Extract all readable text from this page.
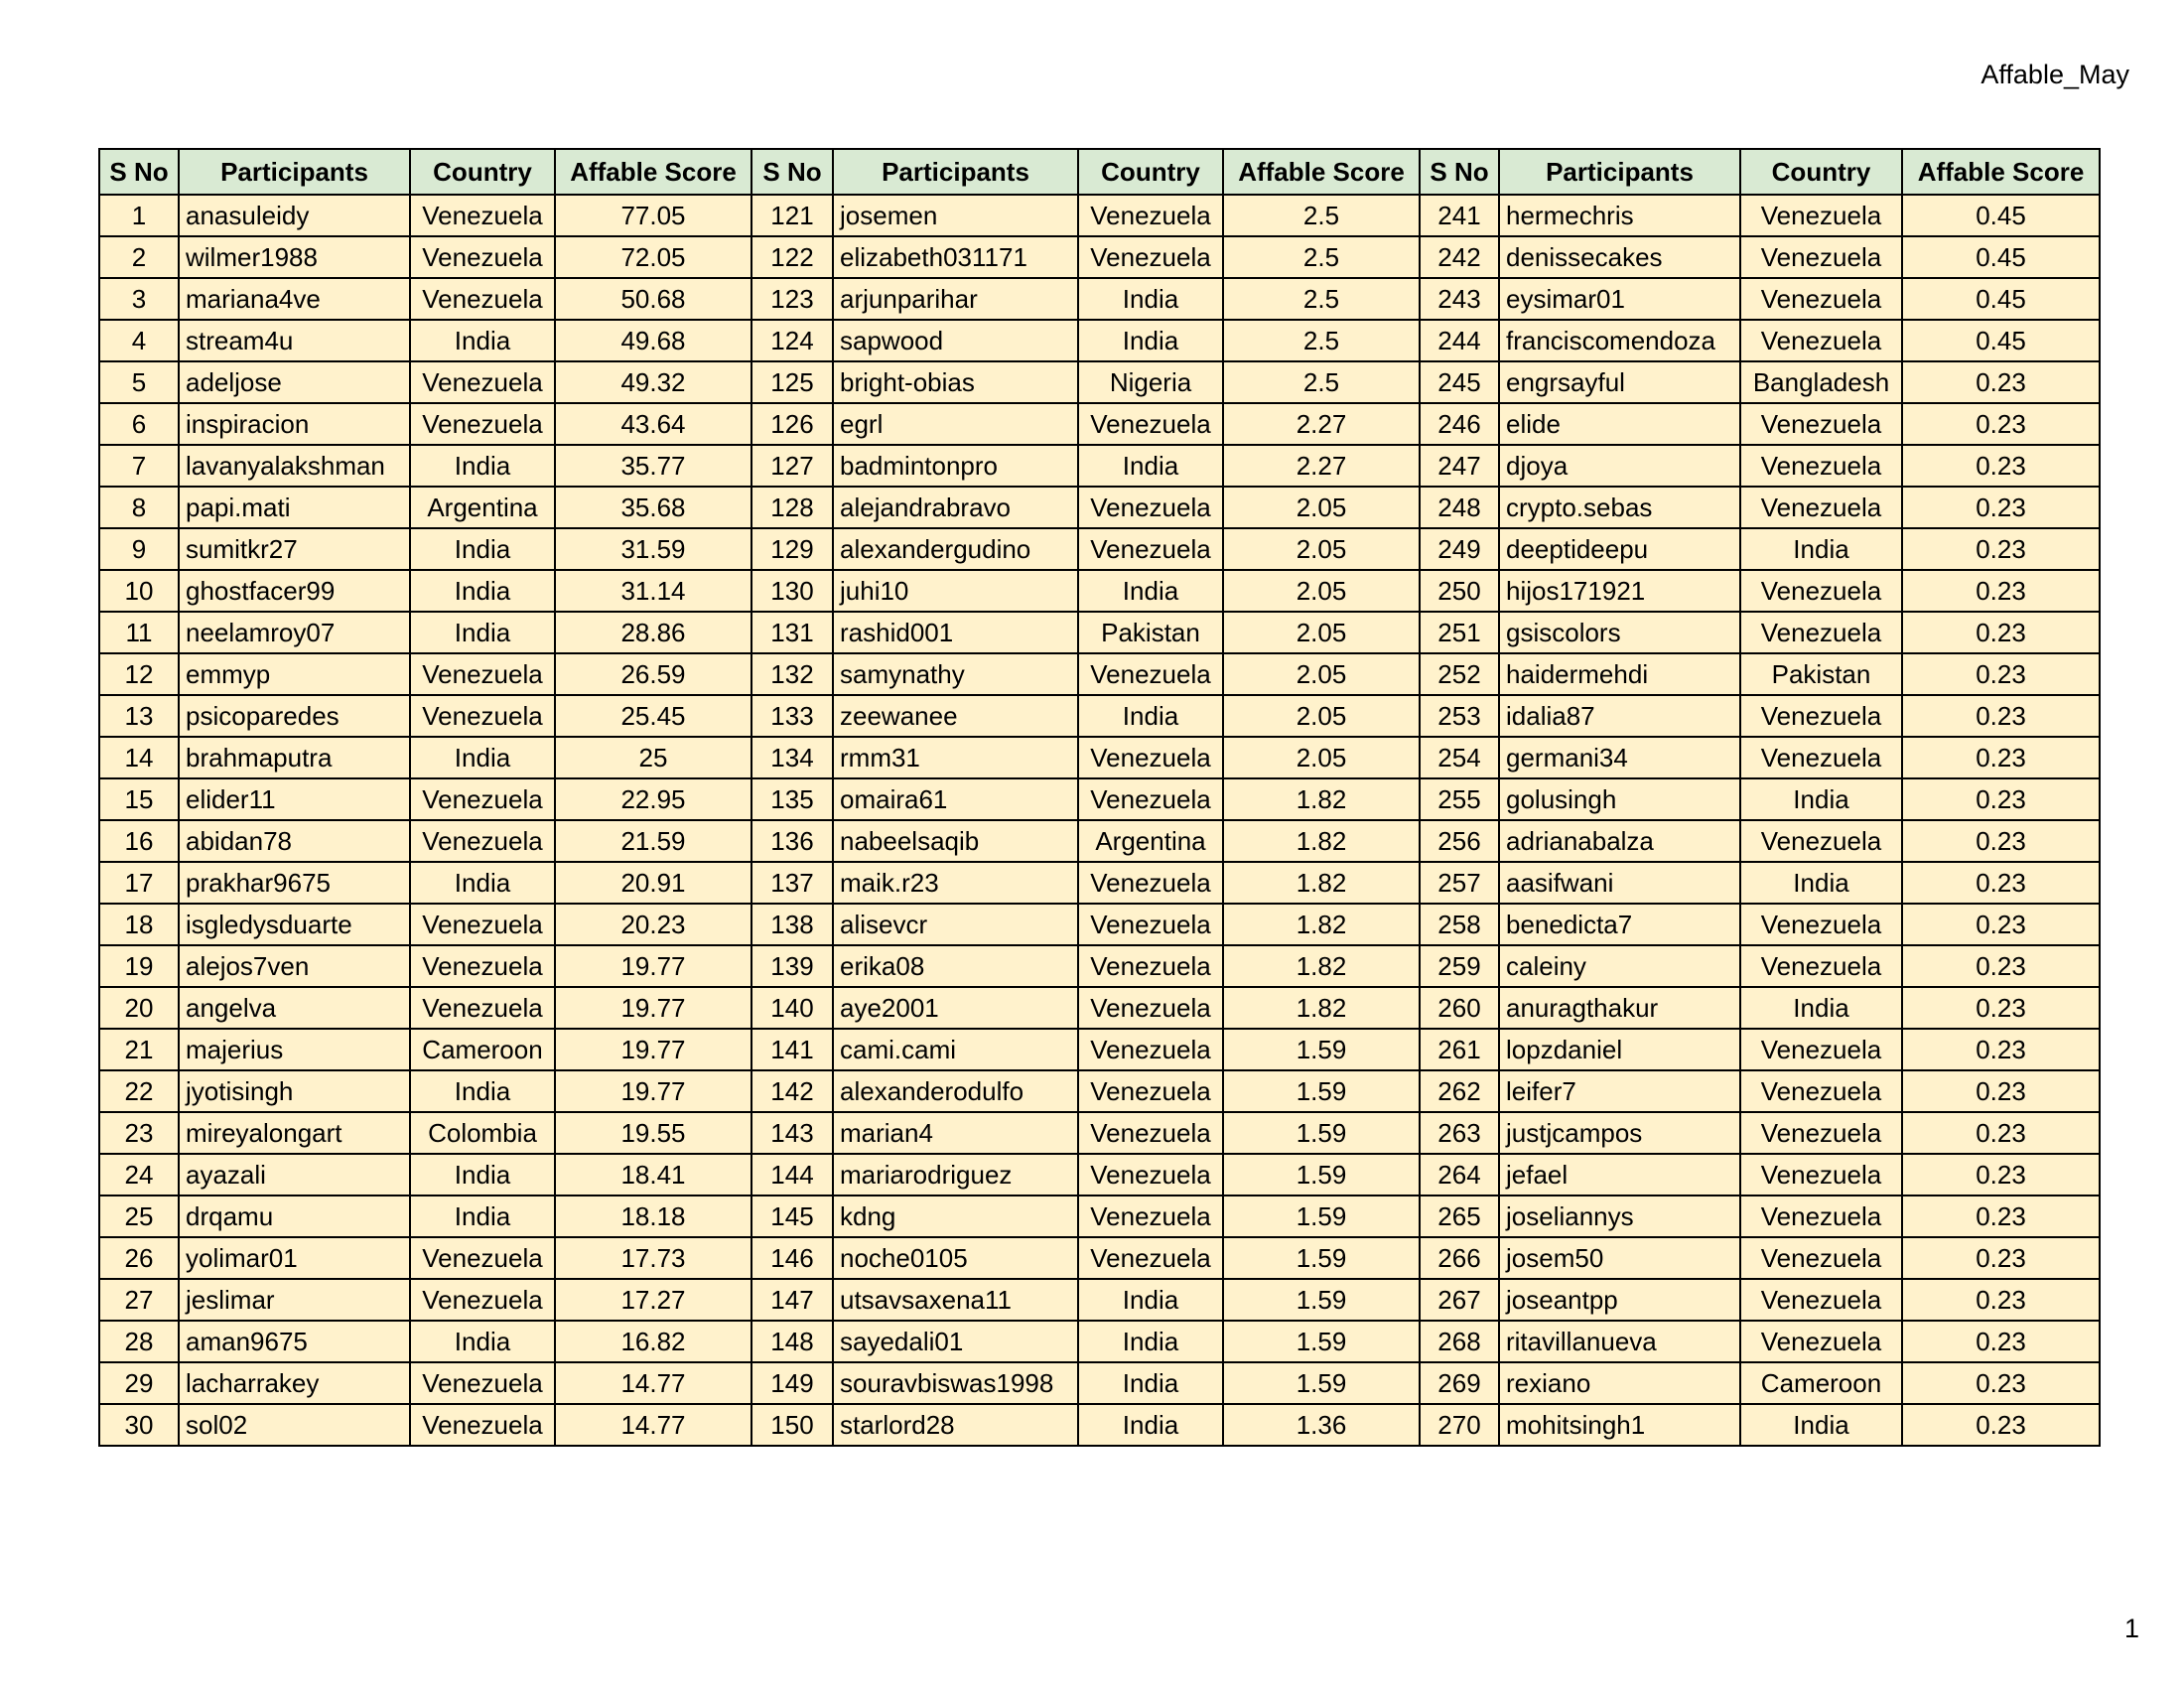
Affable_May
S No	Participants	Country	Affable Score	S No	Participants	Country	Affable Score	S No	Participants	Country	Affable Score
1	anasuleidy	Venezuela	77.05	121	josemen	Venezuela	2.5	241	hermechris	Venezuela	0.45
2	wilmer1988	Venezuela	72.05	122	elizabeth031171	Venezuela	2.5	242	denissecakes	Venezuela	0.45
3	mariana4ve	Venezuela	50.68	123	arjunparihar	India	2.5	243	eysimar01	Venezuela	0.45
4	stream4u	India	49.68	124	sapwood	India	2.5	244	franciscomendoza	Venezuela	0.45
5	adeljose	Venezuela	49.32	125	bright-obias	Nigeria	2.5	245	engrsayful	Bangladesh	0.23
6	inspiracion	Venezuela	43.64	126	egrl	Venezuela	2.27	246	elide	Venezuela	0.23
7	lavanyalakshman	India	35.77	127	badmintonpro	India	2.27	247	djoya	Venezuela	0.23
8	papi.mati	Argentina	35.68	128	alejandrabravo	Venezuela	2.05	248	crypto.sebas	Venezuela	0.23
9	sumitkr27	India	31.59	129	alexandergudino	Venezuela	2.05	249	deeptideepu	India	0.23
10	ghostfacer99	India	31.14	130	juhi10	India	2.05	250	hijos171921	Venezuela	0.23
11	neelamroy07	India	28.86	131	rashid001	Pakistan	2.05	251	gsiscolors	Venezuela	0.23
12	emmyp	Venezuela	26.59	132	samynathy	Venezuela	2.05	252	haidermehdi	Pakistan	0.23
13	psicoparedes	Venezuela	25.45	133	zeewanee	India	2.05	253	idalia87	Venezuela	0.23
14	brahmaputra	India	25	134	rmm31	Venezuela	2.05	254	germani34	Venezuela	0.23
15	elider11	Venezuela	22.95	135	omaira61	Venezuela	1.82	255	golusingh	India	0.23
16	abidan78	Venezuela	21.59	136	nabeelsaqib	Argentina	1.82	256	adrianabalza	Venezuela	0.23
17	prakhar9675	India	20.91	137	maik.r23	Venezuela	1.82	257	aasifwani	India	0.23
18	isgledysduarte	Venezuela	20.23	138	alisevcr	Venezuela	1.82	258	benedicta7	Venezuela	0.23
19	alejos7ven	Venezuela	19.77	139	erika08	Venezuela	1.82	259	caleiny	Venezuela	0.23
20	angelva	Venezuela	19.77	140	aye2001	Venezuela	1.82	260	anuragthakur	India	0.23
21	majerius	Cameroon	19.77	141	cami.cami	Venezuela	1.59	261	lopzdaniel	Venezuela	0.23
22	jyotisingh	India	19.77	142	alexanderodulfo	Venezuela	1.59	262	leifer7	Venezuela	0.23
23	mireyalongart	Colombia	19.55	143	marian4	Venezuela	1.59	263	justjcampos	Venezuela	0.23
24	ayazali	India	18.41	144	mariarodriguez	Venezuela	1.59	264	jefael	Venezuela	0.23
25	drqamu	India	18.18	145	kdng	Venezuela	1.59	265	joseliannys	Venezuela	0.23
26	yolimar01	Venezuela	17.73	146	noche0105	Venezuela	1.59	266	josem50	Venezuela	0.23
27	jeslimar	Venezuela	17.27	147	utsavsaxena11	India	1.59	267	joseantpp	Venezuela	0.23
28	aman9675	India	16.82	148	sayedali01	India	1.59	268	ritavillanueva	Venezuela	0.23
29	lacharrakey	Venezuela	14.77	149	souravbiswas1998	India	1.59	269	rexiano	Cameroon	0.23
30	sol02	Venezuela	14.77	150	starlord28	India	1.36	270	mohitsingh1	India	0.23
1
